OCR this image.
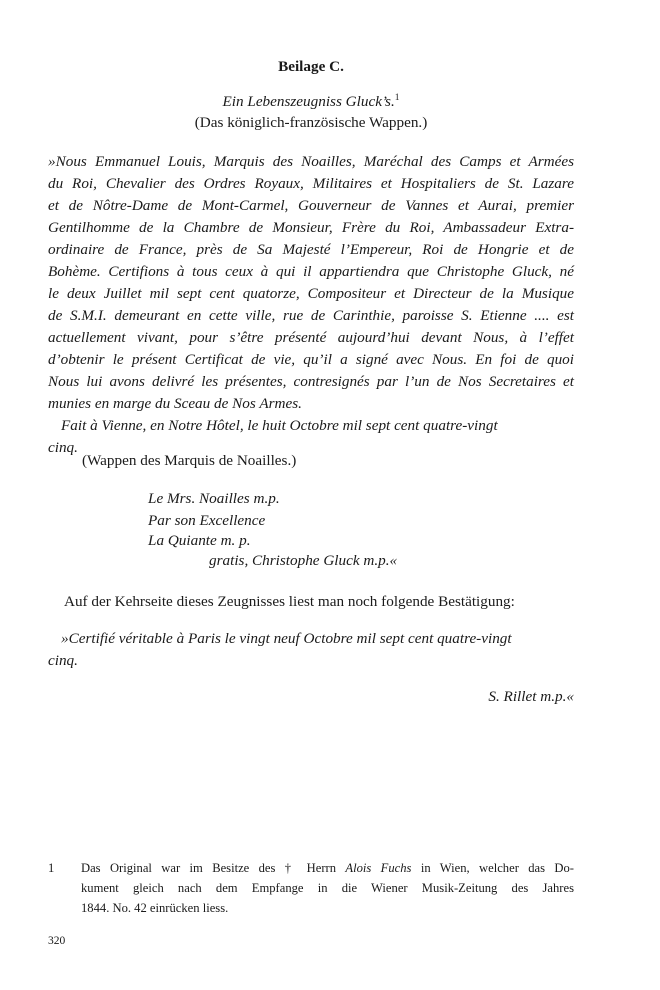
Beilage C.
Ein Lebenszeugniss Gluck’s.$^1$
(Das königlich-französische Wappen.)
»Nous Emmanuel Louis, Marquis des Noailles, Maréchal des Camps et Armées
du Roi, Chevalier des Ordres Royaux, Militaires et Hospitaliers de St. Lazare
et de Nôtre-Dame de Mont-Carmel, Gouverneur de Vannes et Aurai, premier
Gentilhomme de la Chambre de Monsieur, Frère du Roi, Ambassadeur Extra-
ordinaire de France, près de Sa Majesté l’Empereur, Roi de Hongrie et de
Bohème. Certifions à tous ceux à qui il appartiendra que Christophe Gluck, né
le deux Juillet mil sept cent quatorze, Compositeur et Directeur de la Musique
de S.M.I. demeurant en cette ville, rue de Carinthie, paroisse S. Etienne .... est
actuellement vivant, pour s’être présenté aujourd’hui devant Nous, à l’effet
d’obtenir le présent Certificat de vie, qu’il a signé avec Nous. En foi de quoi
Nous lui avons delivré les présentes, contresignés par l’un de Nos Secretaires et
munies en marge du Sceau de Nos Armes.
Fait à Vienne, en Notre Hôtel, le huit Octobre mil sept cent quatre-vingt
cinq.
(Wappen des Marquis de Noailles.)
Le Mrs. Noailles m.p.
Par son Excellence
La Quiante m. p.
gratis, Christophe Gluck m.p.«
Auf der Kehrseite dieses Zeugnisses liest man noch folgende Bestätigung:
»Certifié véritable à Paris le vingt neuf Octobre mil sept cent quatre-vingt
cinq.
S. Rillet m.p.«
1 Das Original war im Besitze des † Herrn Alois Fuchs in Wien, welcher das Do-
kument gleich nach dem Empfange in die Wiener Musik-Zeitung des Jahres
1844. No. 42 einrücken liess.
320
